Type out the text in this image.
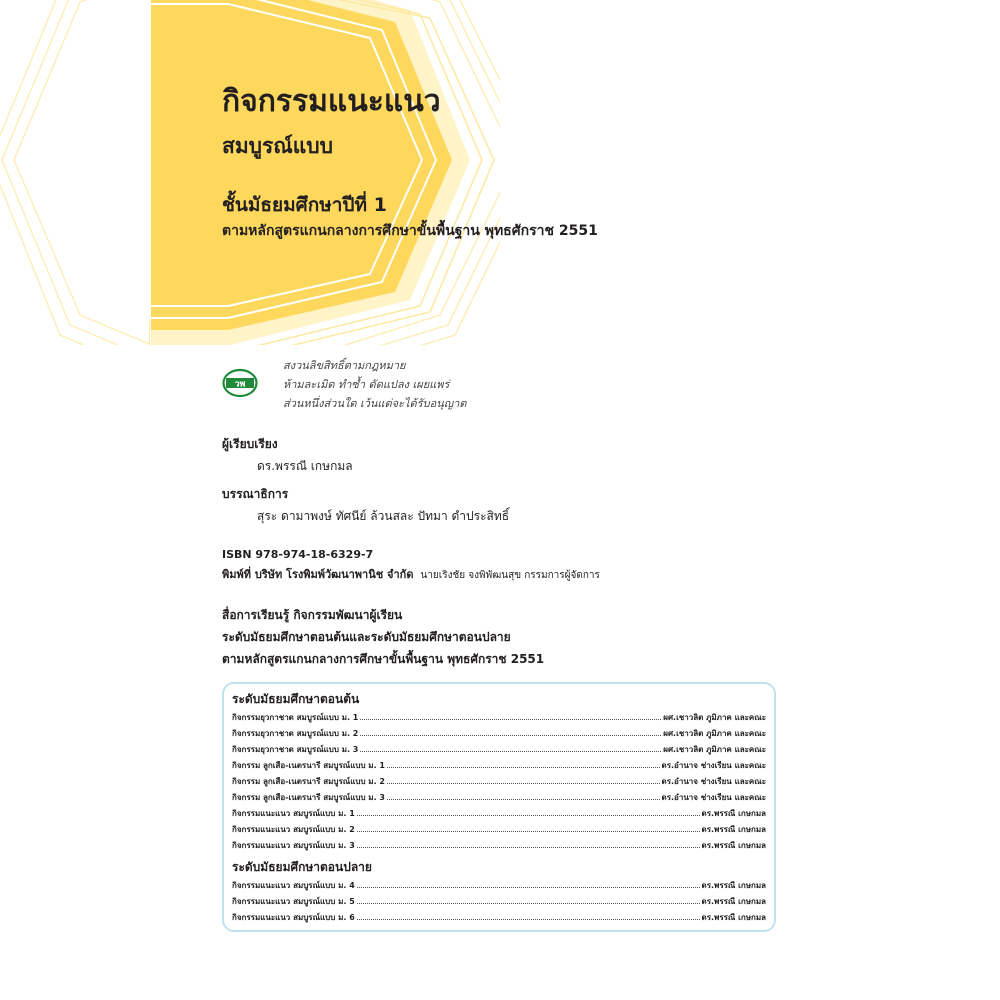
กิจกรรมแนะแนว
สมบูรณ์แบบ
ชั้นมัธยมศึกษาปีที่ 1
ตามหลักสูตรแกนกลางการศึกษาขั้นพื้นฐาน พุทธศักราช 2551
วพ
สงวนลิขสิทธิ์ตามกฎหมาย
ห้ามละเมิด ทำซ้ำ ดัดแปลง เผยแพร่
ส่วนหนึ่งส่วนใด เว้นแต่จะได้รับอนุญาต
ผู้เรียบเรียง
ดร.พรรณี เกษกมล
บรรณาธิการ
สุระ ดามาพงษ์ ทัศนีย์ ล้วนสละ ปัทมา ดำประสิทธิ์
ISBN 978-974-18-6329-7
พิมพ์ที่ บริษัท โรงพิมพ์วัฒนาพานิช จำกัด นายเริงชัย จงพิพัฒนสุข กรรมการผู้จัดการ
สื่อการเรียนรู้ กิจกรรมพัฒนาผู้เรียน
ระดับมัธยมศึกษาตอนต้นและระดับมัธยมศึกษาตอนปลาย
ตามหลักสูตรแกนกลางการศึกษาขั้นพื้นฐาน พุทธศักราช 2551
ระดับมัธยมศึกษาตอนต้น
กิจกรรมยุวกาชาด สมบูรณ์แบบ ม. 1	ผศ.เชาวลิต ภูมิภาค และคณะ
กิจกรรมยุวกาชาด สมบูรณ์แบบ ม. 2	ผศ.เชาวลิต ภูมิภาค และคณะ
กิจกรรมยุวกาชาด สมบูรณ์แบบ ม. 3	ผศ.เชาวลิต ภูมิภาค และคณะ
กิจกรรม ลูกเสือ-เนตรนารี สมบูรณ์แบบ ม. 1	ดร.อำนาจ ช่างเรียน และคณะ
กิจกรรม ลูกเสือ-เนตรนารี สมบูรณ์แบบ ม. 2	ดร.อำนาจ ช่างเรียน และคณะ
กิจกรรม ลูกเสือ-เนตรนารี สมบูรณ์แบบ ม. 3	ดร.อำนาจ ช่างเรียน และคณะ
กิจกรรมแนะแนว สมบูรณ์แบบ ม. 1	ดร.พรรณี เกษกมล
กิจกรรมแนะแนว สมบูรณ์แบบ ม. 2	ดร.พรรณี เกษกมล
กิจกรรมแนะแนว สมบูรณ์แบบ ม. 3	ดร.พรรณี เกษกมล
ระดับมัธยมศึกษาตอนปลาย
กิจกรรมแนะแนว สมบูรณ์แบบ ม. 4	ดร.พรรณี เกษกมล
กิจกรรมแนะแนว สมบูรณ์แบบ ม. 5	ดร.พรรณี เกษกมล
กิจกรรมแนะแนว สมบูรณ์แบบ ม. 6	ดร.พรรณี เกษกมล
